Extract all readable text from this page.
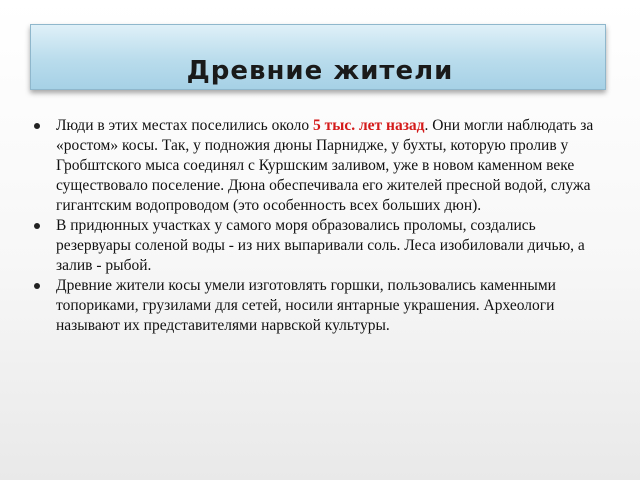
Древние жители
Люди в этих местах поселились около 5 тыс. лет назад. Они могли наблюдать за «ростом» косы. Так, у подножия дюны Парнидже, у бухты, которую пролив у Гробштского мыса соединял с Куршским заливом, уже в новом каменном веке существовало поселение. Дюна обеспечивала его жителей пресной водой, служа гигантским водопроводом (это особенность всех больших дюн).
В придюнных участках у самого моря образовались проломы, создались резервуары соленой воды - из них выпаривали соль. Леса изобиловали дичью, а залив - рыбой.
Древние жители косы умели изготовлять горшки, пользовались каменными топориками, грузилами для сетей, носили янтарные украшения. Археологи называют их представителями нарвской культуры.
